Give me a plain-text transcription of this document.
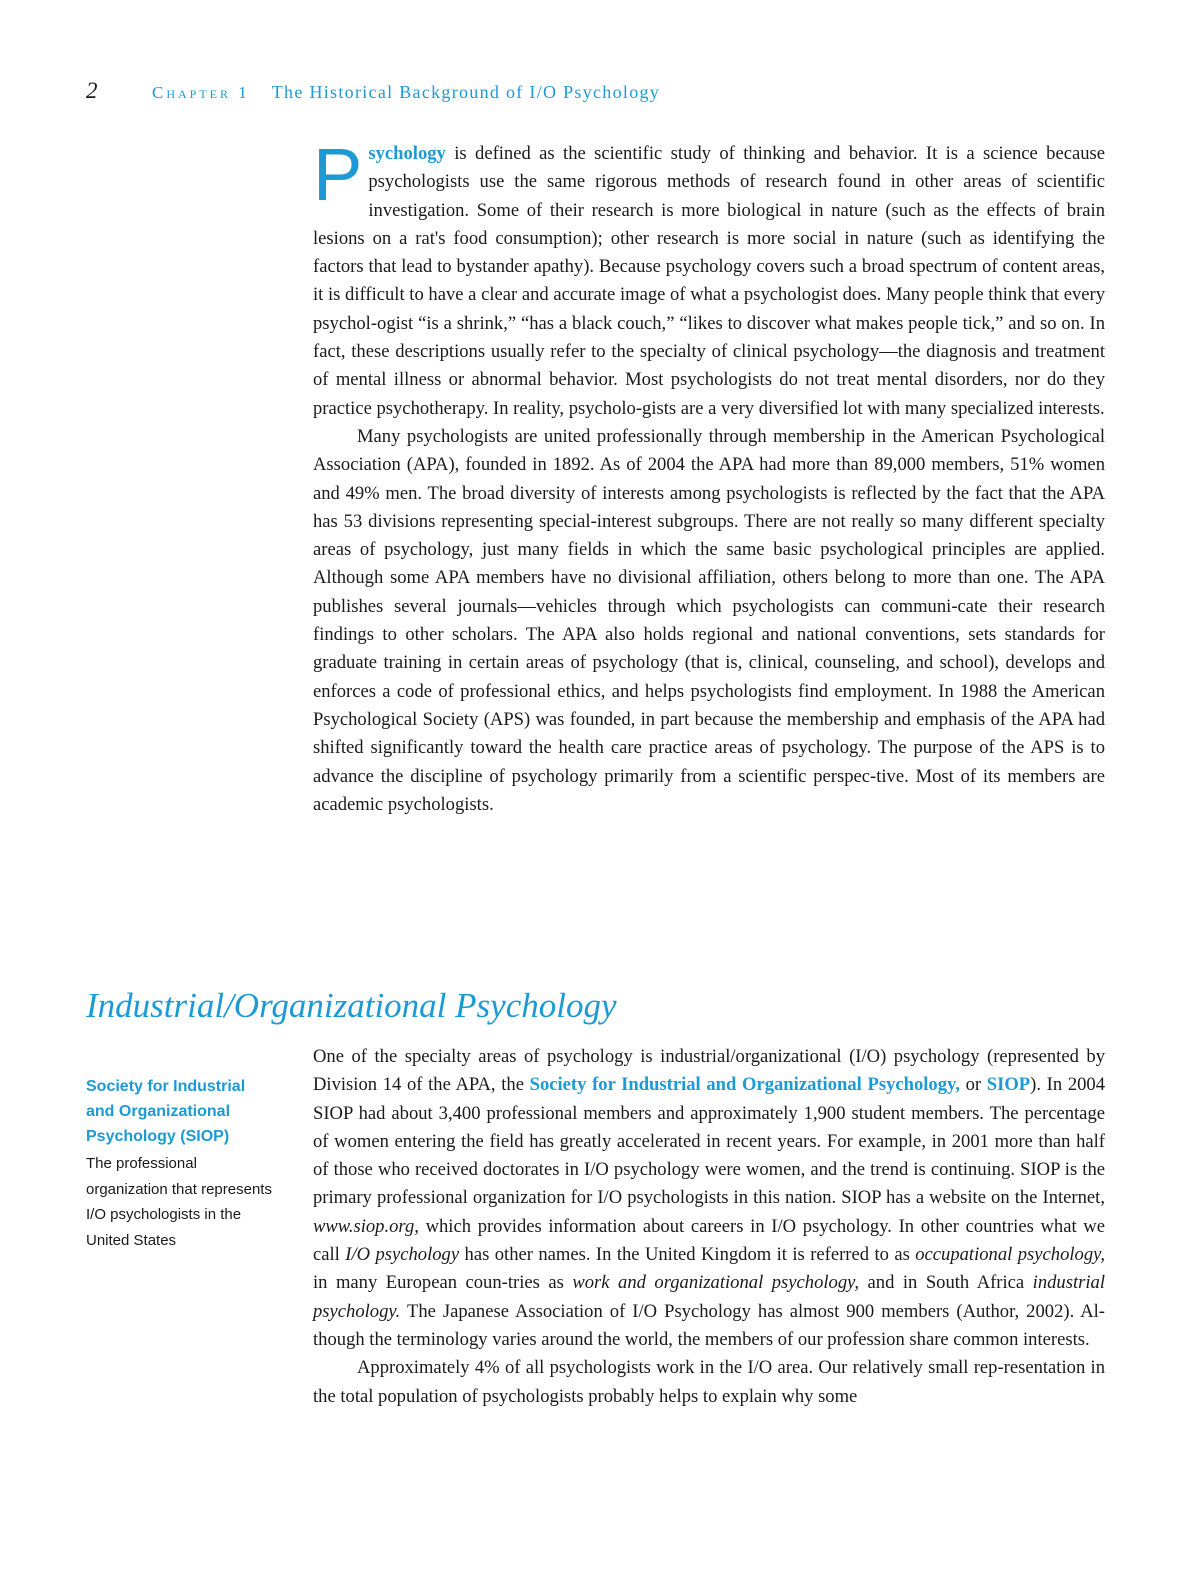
2	chapter 1 The Historical Background of I/O Psychology

Psychology is defined as the scientific study of thinking and behavior. It is a science because psychologists use the same rigorous methods of research found in other areas of scientific investigation. Some of their research is more biological in nature (such as the effects of brain lesions on a rat's food consumption); other research is more social in nature (such as identifying the factors that lead to bystander apathy). Because psychology covers such a broad spectrum of content areas, it is difficult to have a clear and accurate image of what a psychologist does. Many people think that every psychol-ogist “is a shrink,” “has a black couch,” “likes to discover what makes people tick,” and so on. In fact, these descriptions usually refer to the specialty of clinical psychology—the diagnosis and treatment of mental illness or abnormal behavior. Most psychologists do not treat mental disorders, nor do they practice psychotherapy. In reality, psycholo-gists are a very diversified lot with many specialized interests.

Many psychologists are united professionally through membership in the American Psychological Association (APA), founded in 1892. As of 2004 the APA had more than 89,000 members, 51% women and 49% men. The broad diversity of interests among psychologists is reflected by the fact that the APA has 53 divisions representing special-interest subgroups. There are not really so many different specialty areas of psychology, just many fields in which the same basic psychological principles are applied. Although some APA members have no divisional affiliation, others belong to more than one. The APA publishes several journals—vehicles through which psychologists can communi-cate their research findings to other scholars. The APA also holds regional and national conventions, sets standards for graduate training in certain areas of psychology (that is, clinical, counseling, and school), develops and enforces a code of professional ethics, and helps psychologists find employment. In 1988 the American Psychological Society (APS) was founded, in part because the membership and emphasis of the APA had shifted significantly toward the health care practice areas of psychology. The purpose of the APS is to advance the discipline of psychology primarily from a scientific perspec-tive. Most of its members are academic psychologists.

Industrial/Organizational Psychology
Society for Industrial and Organizational Psychology (SIOP)
The professional organization that represents I/O psychologists in the United States

One of the specialty areas of psychology is industrial/organizational (I/O) psychology (represented by Division 14 of the APA, the Society for Industrial and Organizational Psychology, or SIOP). In 2004 SIOP had about 3,400 professional members and approximately 1,900 student members. The percentage of women entering the field has greatly accelerated in recent years. For example, in 2001 more than half of those who received doctorates in I/O psychology were women, and the trend is continuing. SIOP is the primary professional organization for I/O psychologists in this nation. SIOP has a website on the Internet, www.siop.org, which provides information about careers in I/O psychology. In other countries what we call I/O psychology has other names. In the United Kingdom it is referred to as occupational psychology, in many European coun-tries as work and organizational psychology, and in South Africa industrial psychology. The Japanese Association of I/O Psychology has almost 900 members (Author, 2002). Al-though the terminology varies around the world, the members of our profession share common interests.

Approximately 4% of all psychologists work in the I/O area. Our relatively small rep-resentation in the total population of psychologists probably helps to explain why some
